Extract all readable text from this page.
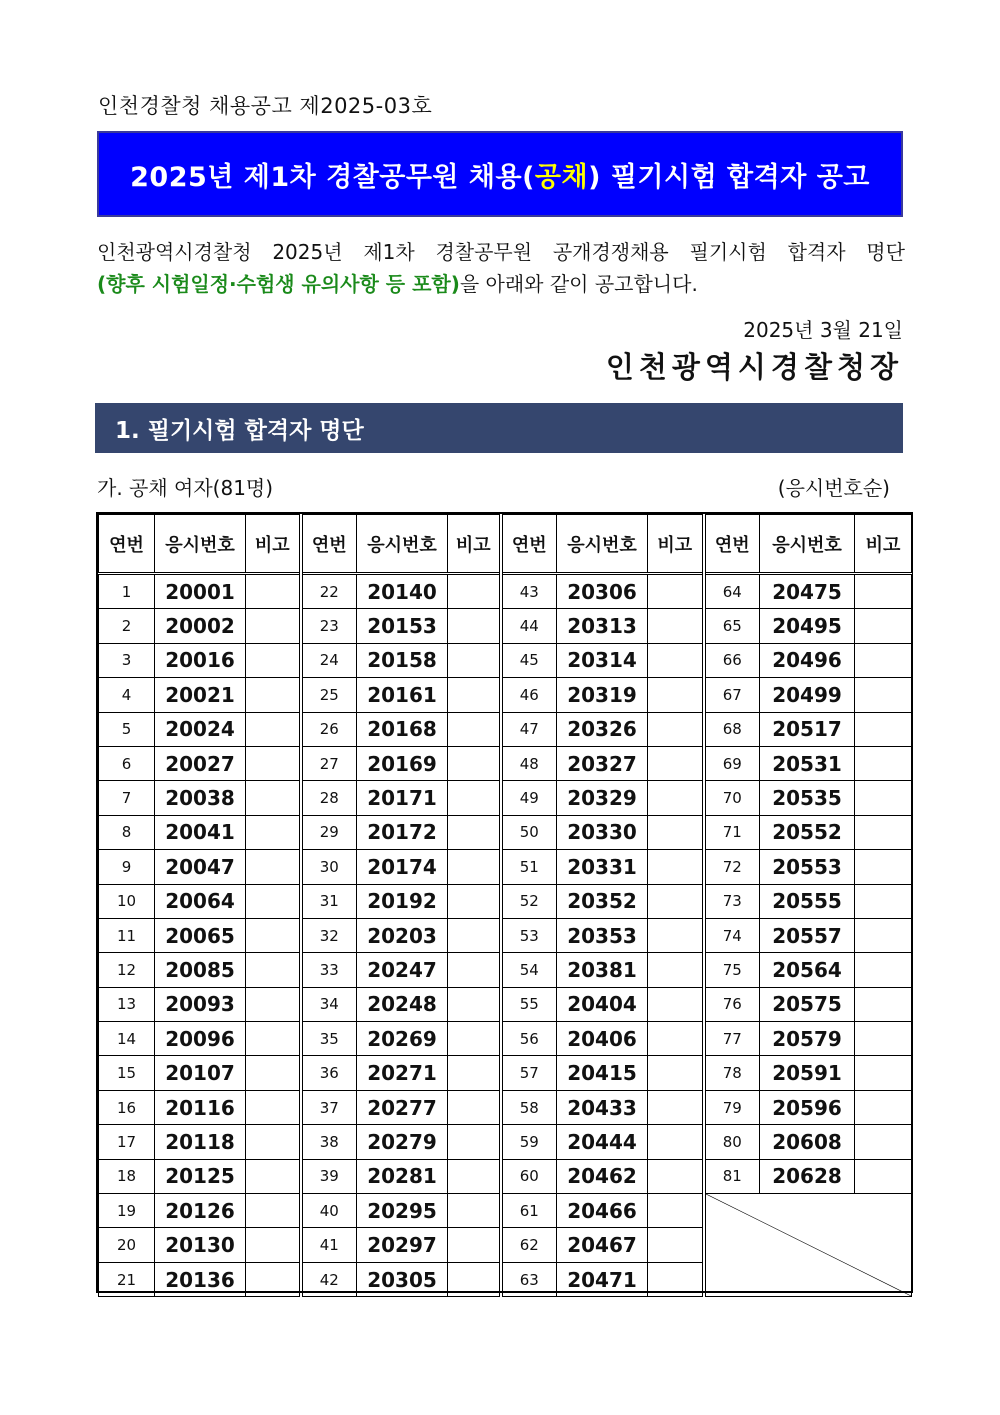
인천경찰청 채용공고 제2025-03호
2025년 제1차 경찰공무원 채용( 공채 ) 필기시험 합격자 공고
인천광역시경찰청 2025년 제1차 경찰공무원 공개경쟁채용 필기시험 합격자 명단
(향후 시험일정·수험생 유의사항 등 포함)을 아래와 같이 공고합니다.
2025년 3월 21일
인천광역시경찰청장
1. 필기시험 합격자 명단
가. 공채 여자(81명)	(응시번호순)
연번	응시번호	비고	연번	응시번호	비고	연번	응시번호	비고	연번	응시번호	비고
1	20001		22	20140		43	20306		64	20475	
2	20002		23	20153		44	20313		65	20495	
3	20016		24	20158		45	20314		66	20496	
4	20021		25	20161		46	20319		67	20499	
5	20024		26	20168		47	20326		68	20517	
6	20027		27	20169		48	20327		69	20531	
7	20038		28	20171		49	20329		70	20535	
8	20041		29	20172		50	20330		71	20552	
9	20047		30	20174		51	20331		72	20553	
10	20064		31	20192		52	20352		73	20555	
11	20065		32	20203		53	20353		74	20557	
12	20085		33	20247		54	20381		75	20564	
13	20093		34	20248		55	20404		76	20575	
14	20096		35	20269		56	20406		77	20579	
15	20107		36	20271		57	20415		78	20591	
16	20116		37	20277		58	20433		79	20596	
17	20118		38	20279		59	20444		80	20608	
18	20125		39	20281		60	20462		81	20628	
19	20126		40	20295		61	20466		

20	20130		41	20297		62	20467				
21	20136		42	20305		63	20471				
